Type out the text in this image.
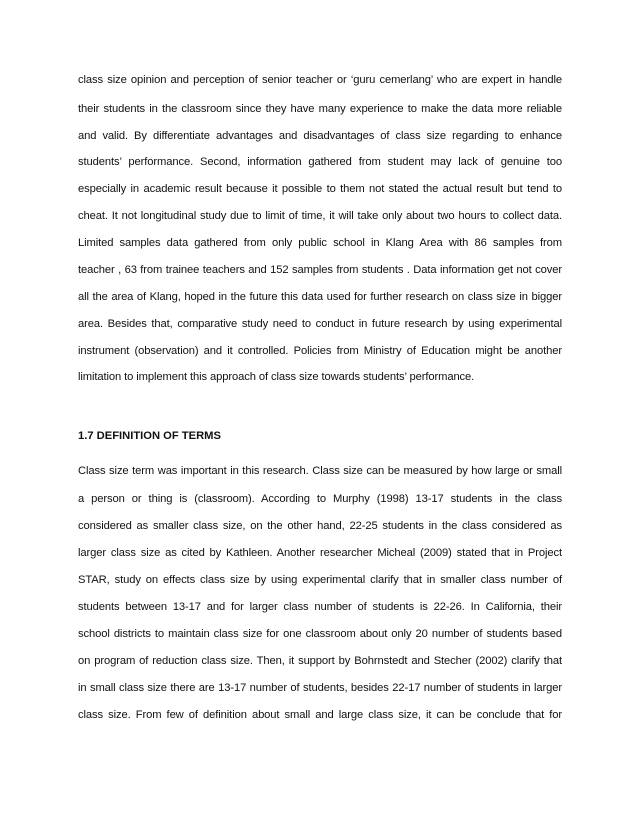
class size opinion and perception of senior teacher or ‘guru cemerlang’ who are expert in handle
their students in the classroom since they have many experience to make the data more reliable
and valid. By differentiate advantages and disadvantages of class size regarding to enhance
students’ performance. Second, information gathered from student may lack of genuine too
especially in academic result because it possible to them not stated the actual result but tend to
cheat. It not longitudinal study due to limit of time, it will take only about two hours to collect data.
Limited samples data gathered from only public school in Klang Area with 86 samples from
teacher , 63 from trainee teachers and 152 samples from students . Data information get not cover
all the area of Klang, hoped in the future this data used for further research on class size in bigger
area. Besides that, comparative study need to conduct in future research by using experimental
instrument (observation) and it controlled. Policies from Ministry of Education might be another
limitation to implement this approach of class size towards students’ performance.
1.7 DEFINITION OF TERMS
Class size term was important in this research. Class size can be measured by how large or small
a person or thing is (classroom). According to Murphy (1998) 13-17 students in the class
considered as smaller class size, on the other hand, 22-25 students in the class considered as
larger class size as cited by Kathleen. Another researcher Micheal (2009) stated that in Project
STAR, study on effects class size by using experimental clarify that in smaller class number of
students between 13-17 and for larger class number of students is 22-26. In California, their
school districts to maintain class size for one classroom about only 20 number of students based
on program of reduction class size. Then, it support by Bohrnstedt and Stecher (2002) clarify that
in small class size there are 13-17 number of students, besides 22-17 number of students in larger
class size. From few of definition about small and large class size, it can be conclude that for
